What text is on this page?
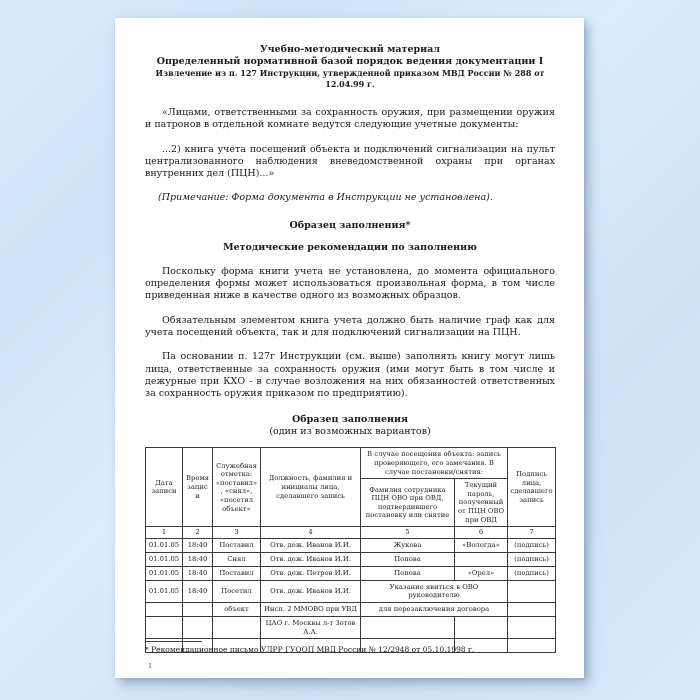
Учебно-методический материал
Определенный нормативной базой порядок ведения документации I
Извлечение из п. 127 Инструкции, утвержденной приказом МВД России № 288 от 12.04.99 г.

«Лицами, ответственными за сохранность оружия, при размещении оружия и патронов в отдельной комнате ведутся следующие учетные документы:

...2) книга учета посещений объекта и подключений сигнализации на пульт централизованного наблюдения вневедомственной охраны при органах внутренних дел (ПЦН)...»

(Примечание: Форма документа в Инструкции не установлена).

Образец заполнения*
Методические рекомендации по заполнению

Поскольку форма книги учета не установлена, до момента официального определения формы может использоваться произвольная форма, в том числе приведенная ниже в качестве одного из возможных образцов.

Обязательным элементом книга учета должно быть наличие граф как для учета посещений объекта, так и для подключений сигнализации на ПЦН.

Па основании п. 127г Инструкции (см. выше) заполнять книгу могут лишь лица, ответственные за сохранность оружия (ими могут быть в том числе и дежурные при КХО - в случае возложения на них обязанностей ответственных за сохранность оружия приказом по предприятию).

Образец заполнения
(один из возможных вариантов)
Дата записи	Время записи	Служебная отметка: «поставил», «снял», «посетил объект»	Должность, фамилия и инициалы лица, сделавшего запись	В случае посещения объекта: запись проверяющего, его замечания. В случае постановки/снятия:		Подпись лица, сделавшего запись
				Фамилия сотрудника ПЦН ОВО при ОВД, подтвердившего постановку или снятие	Текущий пароль, полученный от ПЦН ОВО при ОВД	
1	2	3	4	5	6	7
01.01.05	18:40	Поставил	Отв. деж. Иванов И.И.	Жукова	«Вологда»	(подпись)
01.01.05	18:40	Снял	Отв. деж. Иванов И.И.	Попова		(подпись)
01.01.05	18:40	Поставил	Отв. деж. Петров И.И.	Попова	«Орел»	(подпись)
01.01.05	18:40	Посетил	Отв. деж. Иванов И.И.	Указание явиться в ОВО руководителю		
		объект	Инсп. 2 ММОВО при УВД	для перезаключения договора		
			ЦАО г. Москвы л-т Зотов А.А.			

1
* Рекомендационное письмо УЛРР ГУООП МВД России № 12/2948 от 05.10.1998 г.
